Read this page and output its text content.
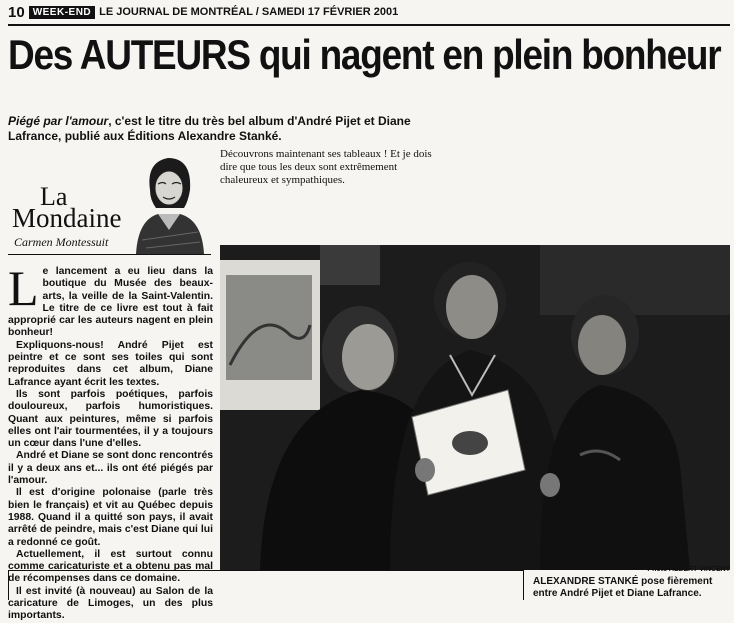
10 WEEK-END LE JOURNAL DE MONTRÉAL / SAMEDI 17 FÉVRIER 2001
Des AUTEURS qui nagent en plein bonheur
Piégé par l'amour, c'est le titre du très bel album d'André Pijet et Diane Lafrance, publié aux Éditions Alexandre Stanké.
Découvrons maintenant ses tableaux ! Et je dois dire que tous les deux sont extrêmement chaleureux et sympathiques.
La
Mondaine
Carmen Montessuit

Le lancement a eu lieu dans la boutique du Musée des beaux-arts, la veille de la Saint-Valentin. Le titre de ce livre est tout à fait approprié car les auteurs nagent en plein bonheur!

Expliquons-nous! André Pijet est peintre et ce sont ses toiles qui sont reproduites dans cet album, Diane Lafrance ayant écrit les textes.

Ils sont parfois poétiques, parfois douloureux, parfois humoristiques. Quant aux peintures, même si parfois elles ont l'air tourmentées, il y a toujours un cœur dans l'une d'elles.

André et Diane se sont donc rencontrés il y a deux ans et... ils ont été piégés par l'amour.

Il est d'origine polonaise (parle très bien le français) et vit au Québec depuis 1988. Quand il a quitté son pays, il avait arrêté de peindre, mais c'est Diane qui lui a redonné ce goût.

Actuellement, il est surtout connu comme caricaturiste et a obtenu pas mal de récompenses dans ce domaine.

Il est invité (à nouveau) au Salon de la caricature de Limoges, un des plus importants.

Photo ALBERT VINCENT
ALEXANDRE STANKÉ pose fièrement entre André Pijet et Diane Lafrance.
